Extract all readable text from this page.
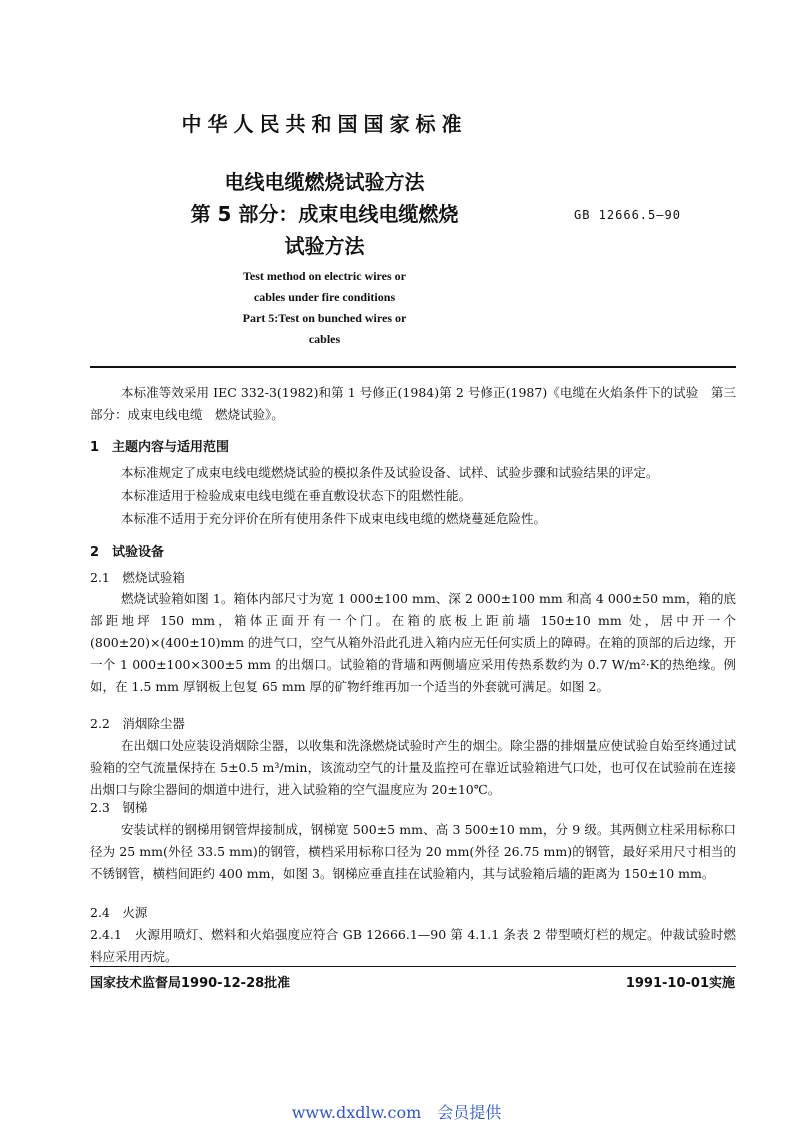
中华人民共和国国家标准
电线电缆燃烧试验方法
第 5 部分：成束电线电缆燃烧
试验方法
GB 12666.5—90
Test method on electric wires or
cables under fire conditions
Part 5:Test on bunched wires or
cables
本标准等效采用 IEC 332-3(1982)和第 1 号修正(1984)第 2 号修正(1987)《电缆在火焰条件下的试验　第三部分：成束电线电缆　燃烧试验》。
1　主题内容与适用范围
本标准规定了成束电线电缆燃烧试验的模拟条件及试验设备、试样、试验步骤和试验结果的评定。
本标准适用于检验成束电线电缆在垂直敷设状态下的阻燃性能。
本标准不适用于充分评价在所有使用条件下成束电线电缆的燃烧蔓延危险性。
2　试验设备
2.1　燃烧试验箱
燃烧试验箱如图 1。箱体内部尺寸为宽 1 000±100 mm、深 2 000±100 mm 和高 4 000±50 mm，箱的底部距地坪 150 mm，箱体正面开有一个门。在箱的底板上距前墙 150±10 mm 处，居中开一个(800±20)×(400±10)mm 的进气口，空气从箱外沿此孔进入箱内应无任何实质上的障碍。在箱的顶部的后边缘，开一个 1 000±100×300±5 mm 的出烟口。试验箱的背墙和两侧墙应采用传热系数约为 0.7 W/m²·K的热绝缘。例如，在 1.5 mm 厚钢板上包复 65 mm 厚的矿物纤维再加一个适当的外套就可满足。如图 2。
2.2　消烟除尘器
在出烟口处应装设消烟除尘器，以收集和洗涤燃烧试验时产生的烟尘。除尘器的排烟量应使试验自始至终通过试验箱的空气流量保持在 5±0.5 m³/min，该流动空气的计量及监控可在靠近试验箱进气口处，也可仅在试验前在连接出烟口与除尘器间的烟道中进行，进入试验箱的空气温度应为 20±10℃。
2.3　钢梯
安装试样的钢梯用钢管焊接制成，钢梯宽 500±5 mm、高 3 500±10 mm，分 9 级。其两侧立柱采用标称口径为 25 mm(外径 33.5 mm)的钢管，横档采用标称口径为 20 mm(外径 26.75 mm)的钢管，最好采用尺寸相当的不锈钢管，横档间距约 400 mm，如图 3。钢梯应垂直挂在试验箱内，其与试验箱后墙的距离为 150±10 mm。
2.4　火源
2.4.1　火源用喷灯、燃料和火焰强度应符合 GB 12666.1—90 第 4.1.1 条表 2 带型喷灯栏的规定。仲裁试验时燃料应采用丙烷。
国家技术监督局1990-12-28批准	1991-10-01实施
www.dxdlw.com　会员提供
